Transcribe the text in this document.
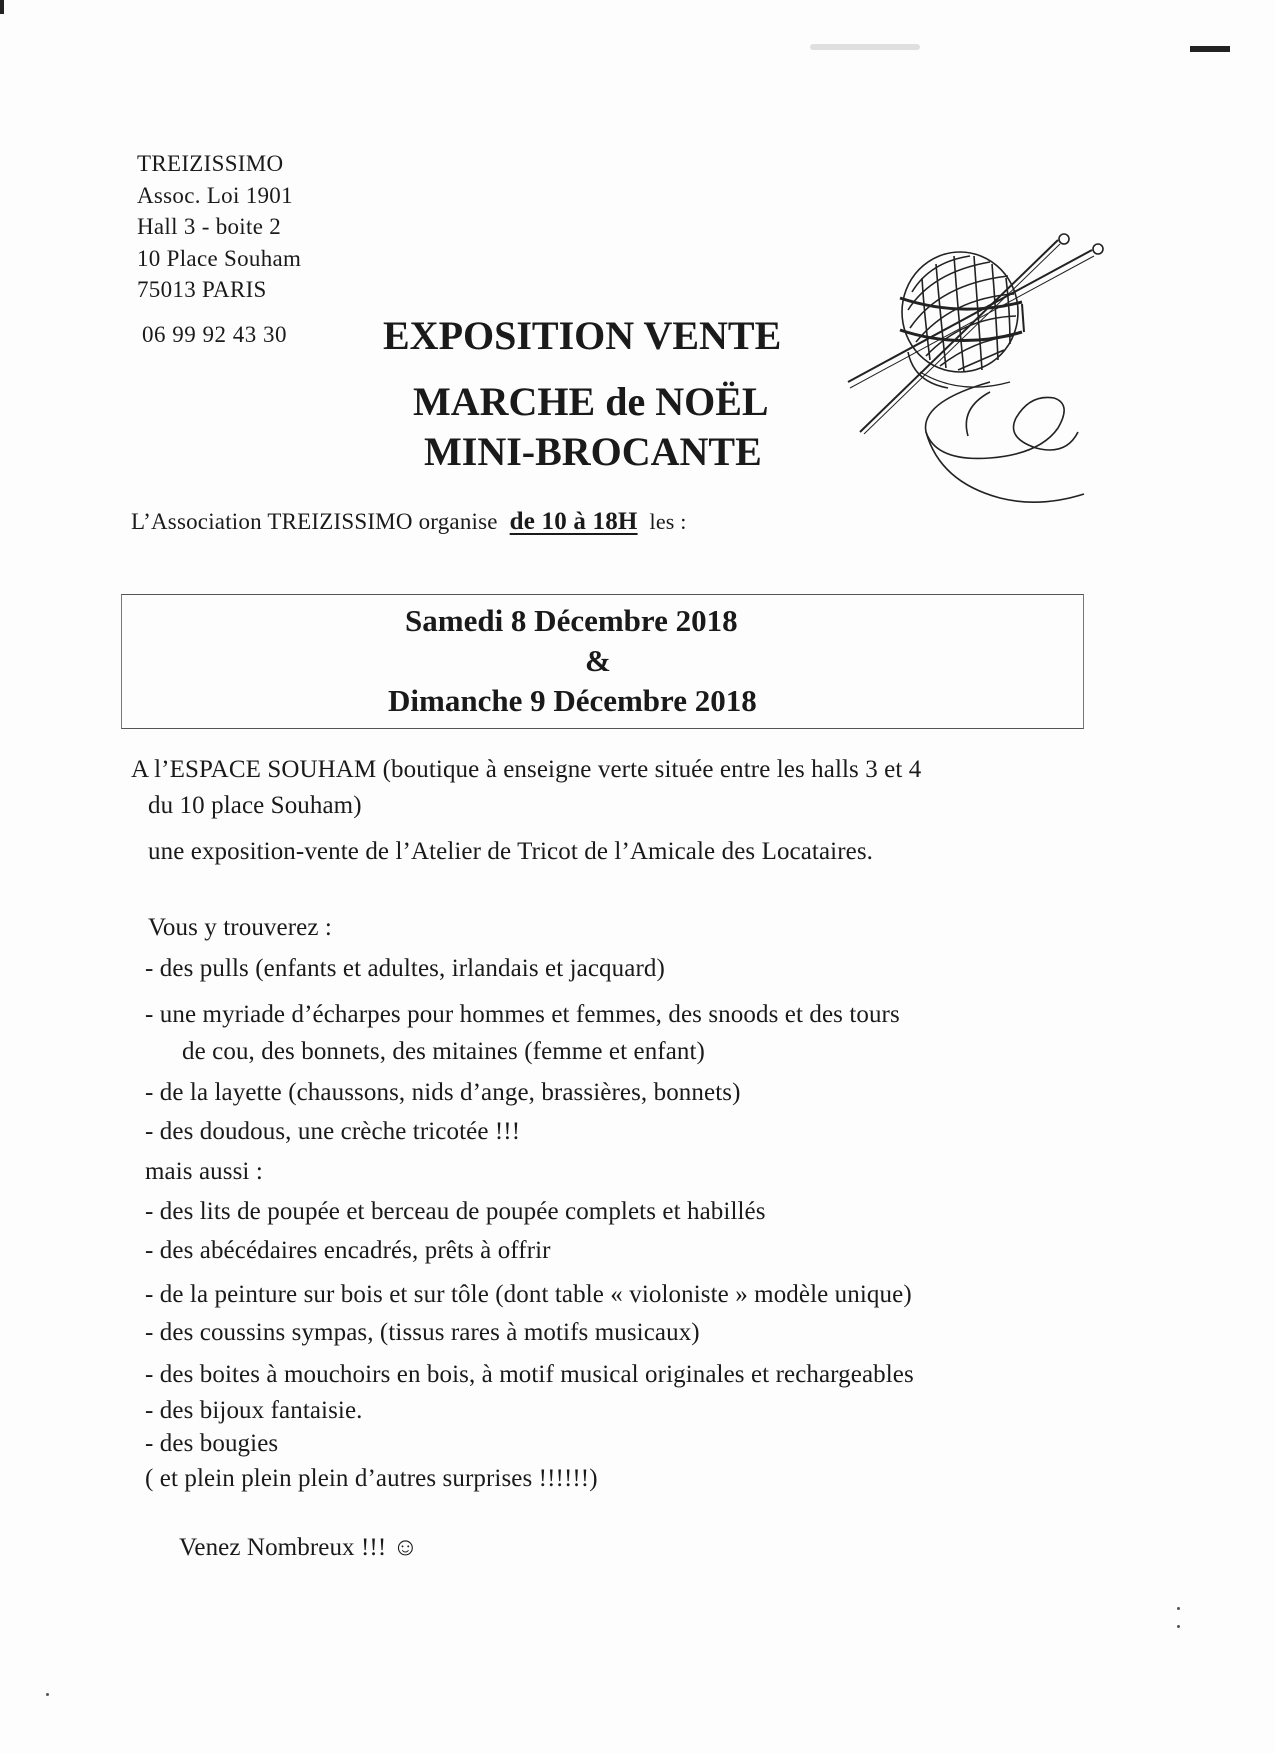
TREIZISSIMO
Assoc. Loi 1901
Hall 3 - boite 2
10 Place Souham
75013 PARIS
06 99 92 43 30 EXPOSITION VENTE
MARCHE de NOËL
MINI-BROCANTE
L’Association TREIZISSIMO organise de 10 à 18H les :
Samedi 8 Décembre 2018
&
Dimanche 9 Décembre 2018
A l’ESPACE SOUHAM (boutique à enseigne verte située entre les halls 3 et 4
du 10 place Souham)
une exposition-vente de l’Atelier de Tricot de l’Amicale des Locataires.
Vous y trouverez :
- des pulls (enfants et adultes, irlandais et jacquard)
- une myriade d’écharpes pour hommes et femmes, des snoods et des tours
de cou, des bonnets, des mitaines (femme et enfant)
- de la layette (chaussons, nids d’ange, brassières, bonnets)
- des doudous, une crèche tricotée !!!
mais aussi :
- des lits de poupée et berceau de poupée complets et habillés
- des abécédaires encadrés, prêts à offrir
- de la peinture sur bois et sur tôle (dont table « violoniste » modèle unique)
- des coussins sympas, (tissus rares à motifs musicaux)
- des boites à mouchoirs en bois, à motif musical originales et rechargeables
- des bijoux fantaisie.
- des bougies
( et plein plein plein d’autres surprises !!!!!!)
Venez Nombreux !!! ☺
